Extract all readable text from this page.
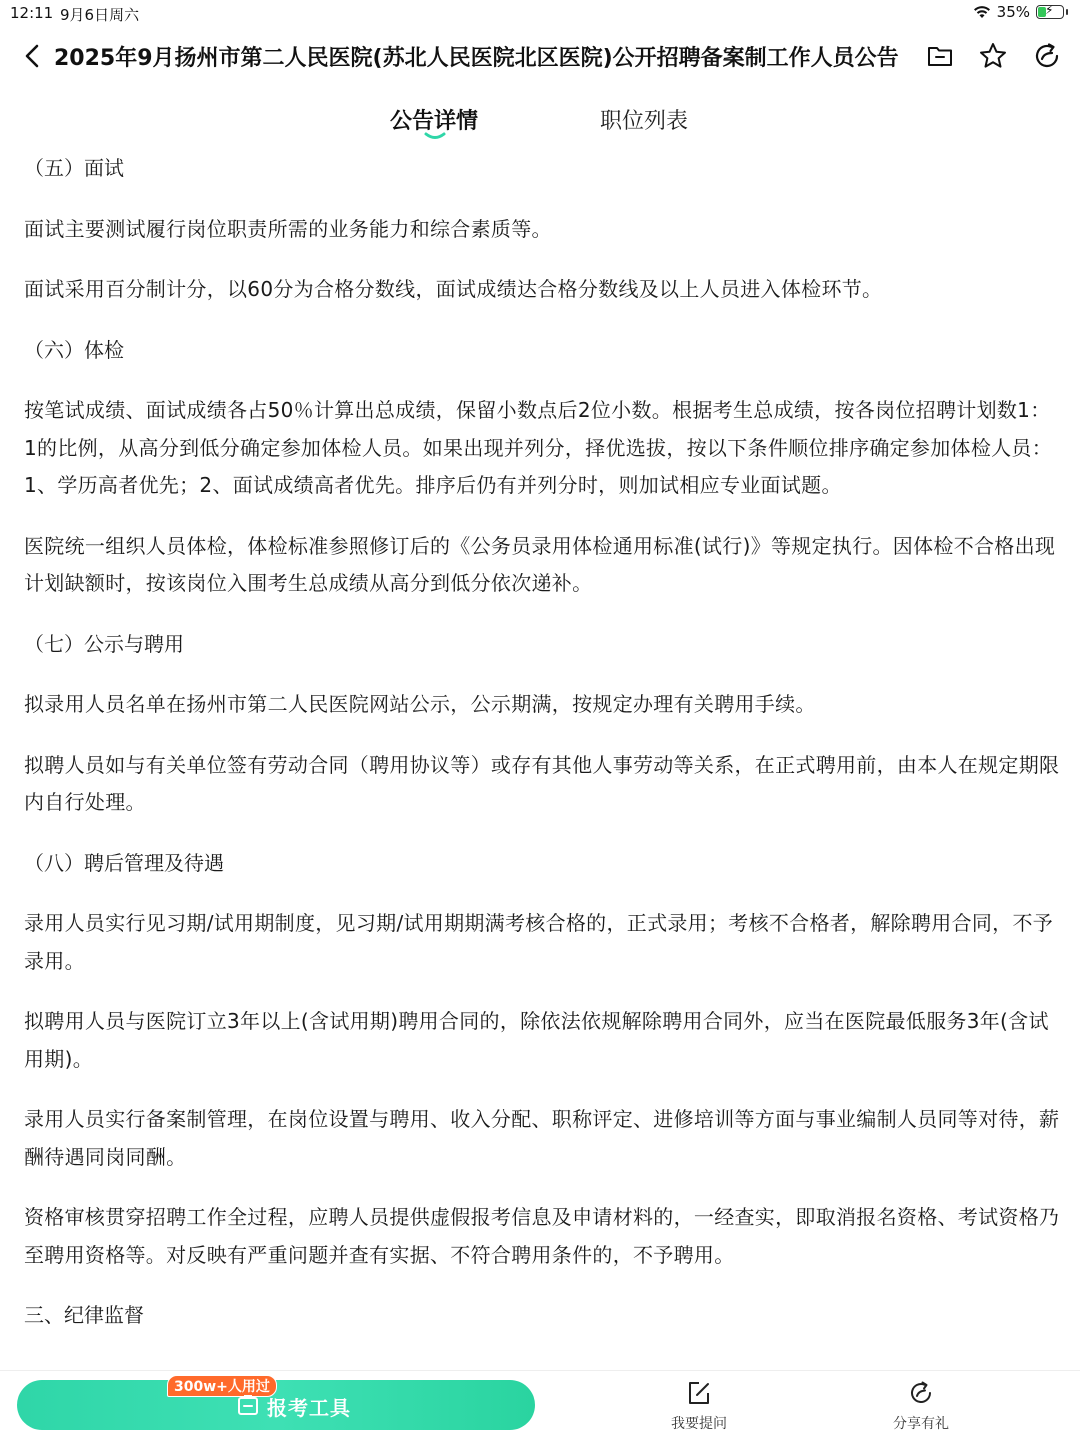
12:11 9月6日周六	35% ⚡
2025年9月扬州市第二人民医院(苏北人民医院北区医院)公开招聘备案制工作人员公告
公告详情	职位列表
（五）面试
面试主要测试履行岗位职责所需的业务能力和综合素质等。
面试采用百分制计分，以60分为合格分数线，面试成绩达合格分数线及以上人员进入体检环节。
（六）体检
按笔试成绩、面试成绩各占50％计算出总成绩，保留小数点后2位小数。根据考生总成绩，按各岗位招聘计划数1：1的比例，从高分到低分确定参加体检人员。如果出现并列分，择优选拔，按以下条件顺位排序确定参加体检人员：1、学历高者优先；2、面试成绩高者优先。排序后仍有并列分时，则加试相应专业面试题。
医院统一组织人员体检，体检标准参照修订后的《公务员录用体检通用标准(试行)》等规定执行。因体检不合格出现计划缺额时，按该岗位入围考生总成绩从高分到低分依次递补。
（七）公示与聘用
拟录用人员名单在扬州市第二人民医院网站公示，公示期满，按规定办理有关聘用手续。
拟聘人员如与有关单位签有劳动合同（聘用协议等）或存有其他人事劳动等关系，在正式聘用前，由本人在规定期限内自行处理。
（八）聘后管理及待遇
录用人员实行见习期/试用期制度，见习期/试用期期满考核合格的，正式录用；考核不合格者，解除聘用合同，不予录用。
拟聘用人员与医院订立3年以上(含试用期)聘用合同的，除依法依规解除聘用合同外，应当在医院最低服务3年(含试用期)。
录用人员实行备案制管理，在岗位设置与聘用、收入分配、职称评定、进修培训等方面与事业编制人员同等对待，薪酬待遇同岗同酬。
资格审核贯穿招聘工作全过程，应聘人员提供虚假报考信息及申请材料的，一经查实，即取消报名资格、考试资格乃至聘用资格等。对反映有严重问题并查有实据、不符合聘用条件的，不予聘用。
三、纪律监督
300w+人用过
报考工具
我要提问	分享有礼
